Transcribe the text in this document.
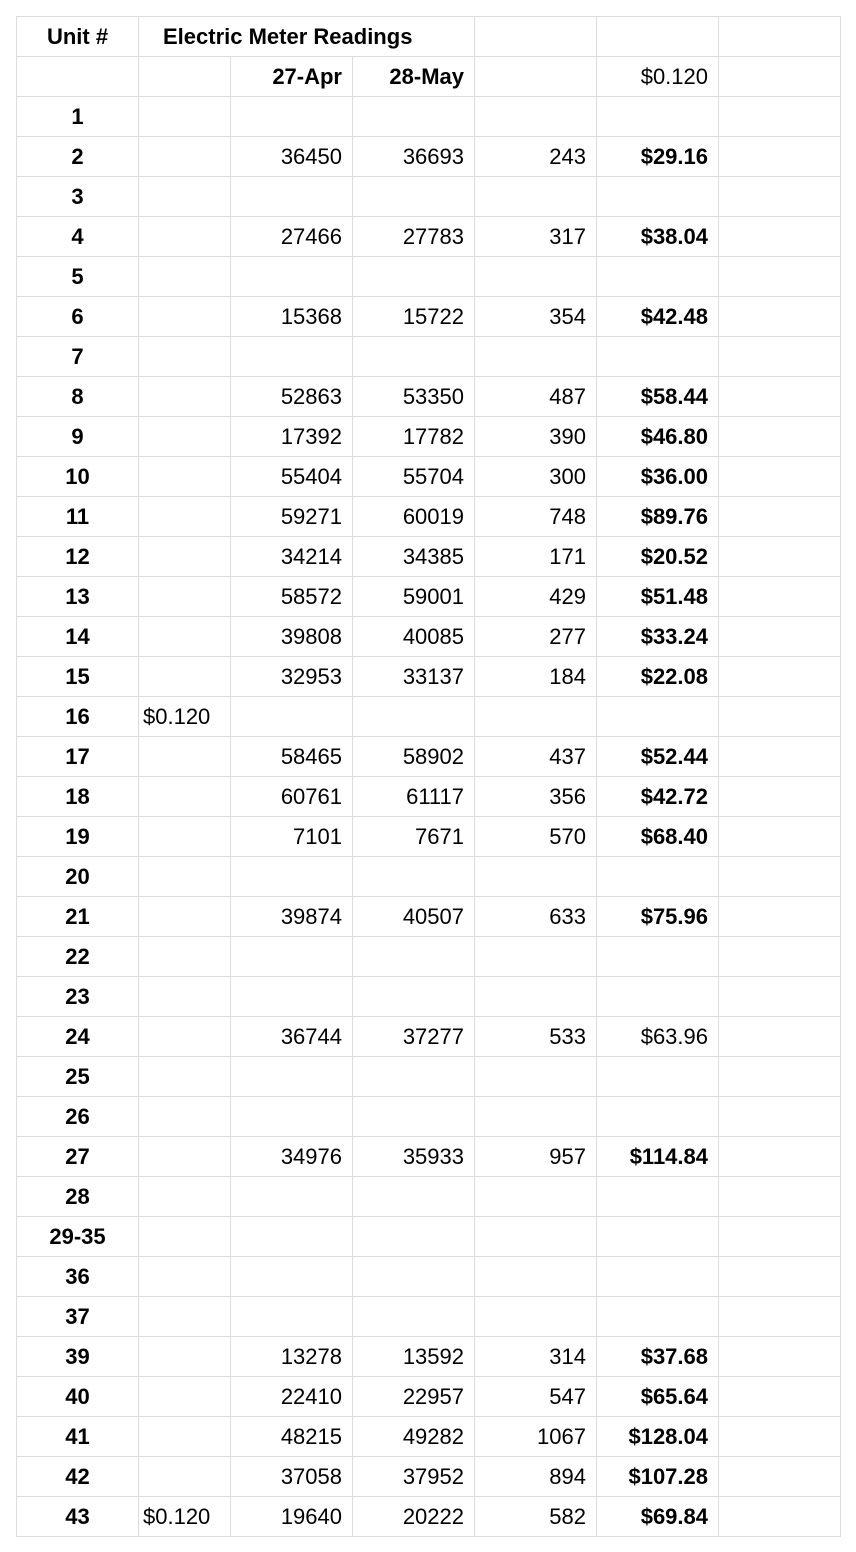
Unit #	Electric Meter Readings					
		27-Apr	28-May		$0.120	
1						
2		36450	36693	243	$29.16	
3						
4		27466	27783	317	$38.04	
5						
6		15368	15722	354	$42.48	
7						
8		52863	53350	487	$58.44	
9		17392	17782	390	$46.80	
10		55404	55704	300	$36.00	
11		59271	60019	748	$89.76	
12		34214	34385	171	$20.52	
13		58572	59001	429	$51.48	
14		39808	40085	277	$33.24	
15		32953	33137	184	$22.08	
16	$0.120					
17		58465	58902	437	$52.44	
18		60761	61117	356	$42.72	
19		7101	7671	570	$68.40	
20						
21		39874	40507	633	$75.96	
22						
23						
24		36744	37277	533	$63.96	
25						
26						
27		34976	35933	957	$114.84	
28						
29-35						
36						
37						
39		13278	13592	314	$37.68	
40		22410	22957	547	$65.64	
41		48215	49282	1067	$128.04	
42		37058	37952	894	$107.28	
43	$0.120	19640	20222	582	$69.84	
